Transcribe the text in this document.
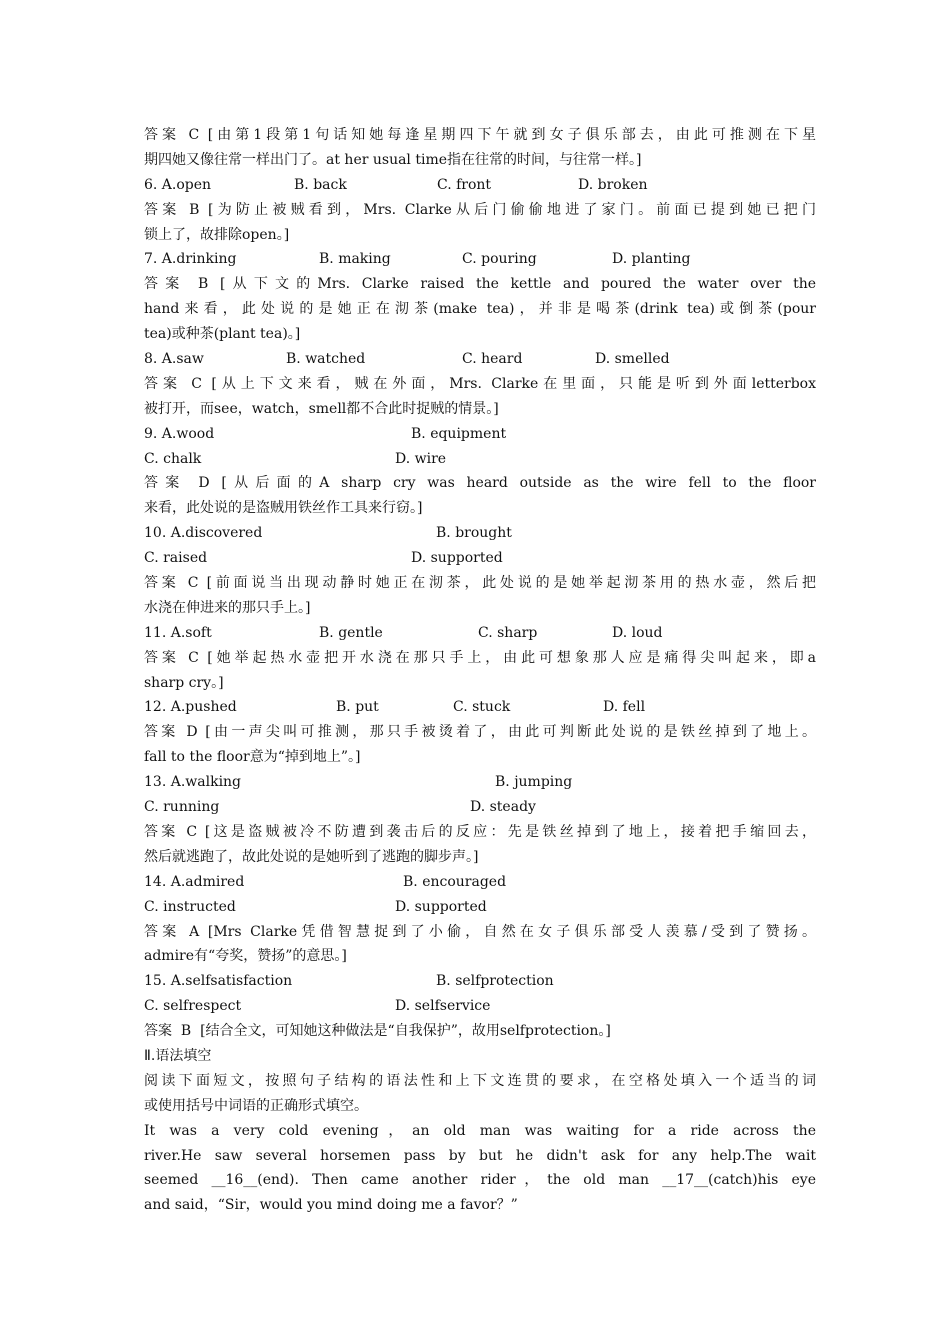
答案 C [由第1段第1句话知她每逢星期四下午就到女子俱乐部去，由此可推测在下星
期四她又像往常一样出门了。at her usual time指在往常的时间，与往常一样。]
6. A.open	B. back	C. front	D. broken
答案 B [为防止被贼看到，Mrs. Clarke从后门偷偷地进了家门。前面已提到她已把门
锁上了，故排除open。]
7. A.drinking	B. making	C. pouring	D. planting
答案 B [从下文的Mrs. Clarke raised the kettle and poured the water over the
hand来看，此处说的是她正在沏茶(make tea)，并非是喝茶(drink tea)或倒茶(pour
tea)或种茶(plant tea)。]
8. A.saw	B. watched	C. heard	D. smelled
答案 C [从上下文来看，贼在外面，Mrs. Clarke在里面，只能是听到外面letterbox
被打开，而see，watch，smell都不合此时捉贼的情景。]
9. A.wood	B. equipment
C. chalk	D. wire
答案 D [从后面的A sharp cry was heard outside as the wire fell to the floor
来看，此处说的是盗贼用铁丝作工具来行窃。]
10. A.discovered	B. brought
C. raised	D. supported
答案 C [前面说当出现动静时她正在沏茶，此处说的是她举起沏茶用的热水壶，然后把
水浇在伸进来的那只手上。]
11. A.soft	B. gentle	C. sharp	D. loud
答案 C [她举起热水壶把开水浇在那只手上，由此可想象那人应是痛得尖叫起来，即a
sharp cry。]
12. A.pushed	B. put	C. stuck	D. fell
答案 D [由一声尖叫可推测，那只手被烫着了，由此可判断此处说的是铁丝掉到了地上。
fall to the floor意为“掉到地上”。]
13. A.walking	B. jumping
C. running	D. steady
答案 C [这是盗贼被冷不防遭到袭击后的反应：先是铁丝掉到了地上，接着把手缩回去，
然后就逃跑了，故此处说的是她听到了逃跑的脚步声。]
14. A.admired	B. encouraged
C. instructed	D. supported
答案 A [Mrs Clarke凭借智慧捉到了小偷，自然在女子俱乐部受人羡慕/受到了赞扬。
admire有“夸奖，赞扬”的意思。]
15. A.selfsatisfaction	B. selfprotection
C. selfrespect	D. selfservice
答案  B  [结合全文，可知她这种做法是“自我保护”，故用selfprotection。]
Ⅱ.语法填空
阅读下面短文，按照句子结构的语法性和上下文连贯的要求，在空格处填入一个适当的词
或使用括号中词语的正确形式填空。
It was a very cold evening，an old man was waiting for a ride across the
river.He saw several horsemen pass by but he didn't ask for any help.The wait
seemed __16__(end). Then came another rider，the old man __17__(catch)his eye
and said，“Sir，would you mind doing me a favor？”
